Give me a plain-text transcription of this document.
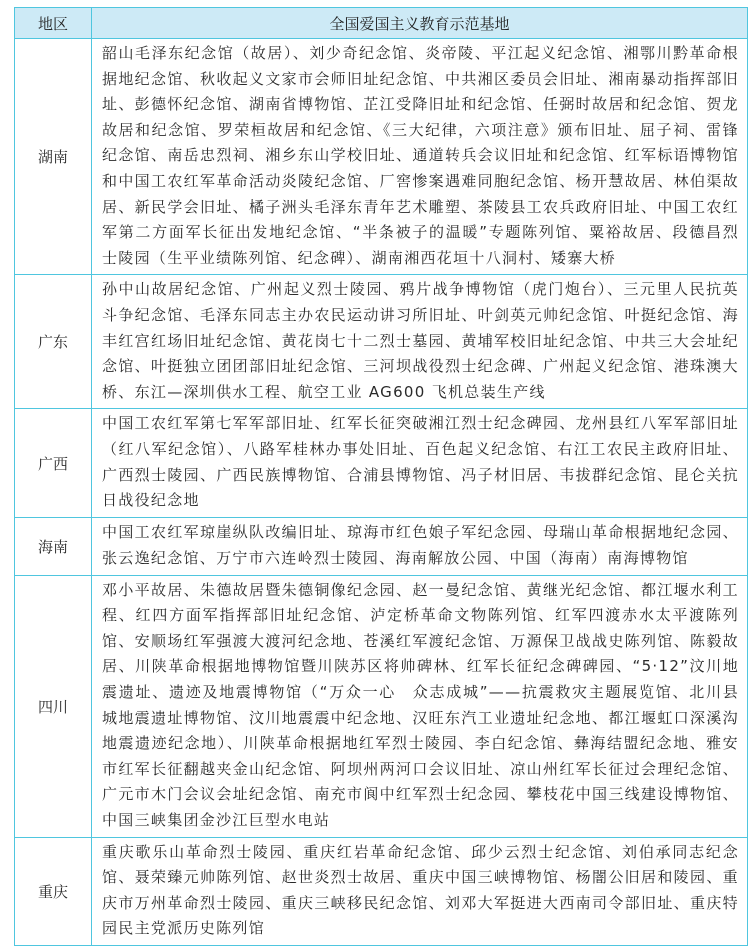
地区	全国爱国主义教育示范基地
湖南	韶山毛泽东纪念馆（故居）、刘少奇纪念馆、炎帝陵、平江起义纪念馆、湘鄂川黔革命根据地纪念馆、秋收起义文家市会师旧址纪念馆、中共湘区委员会旧址、湘南暴动指挥部旧址、彭德怀纪念馆、湖南省博物馆、芷江受降旧址和纪念馆、任弼时故居和纪念馆、贺龙故居和纪念馆、罗荣桓故居和纪念馆、《三大纪律，六项注意》颁布旧址、屈子祠、雷锋纪念馆、南岳忠烈祠、湘乡东山学校旧址、通道转兵会议旧址和纪念馆、红军标语博物馆和中国工农红军革命活动炎陵纪念馆、厂窖惨案遇难同胞纪念馆、杨开慧故居、林伯渠故居、新民学会旧址、橘子洲头毛泽东青年艺术雕塑、茶陵县工农兵政府旧址、中国工农红军第二方面军长征出发地纪念馆、“半条被子的温暖”专题陈列馆、粟裕故居、段德昌烈士陵园（生平业绩陈列馆、纪念碑）、湖南湘西花垣十八洞村、矮寨大桥
广东	孙中山故居纪念馆、广州起义烈士陵园、鸦片战争博物馆（虎门炮台）、三元里人民抗英斗争纪念馆、毛泽东同志主办农民运动讲习所旧址、叶剑英元帅纪念馆、叶挺纪念馆、海丰红宫红场旧址纪念馆、黄花岗七十二烈士墓园、黄埔军校旧址纪念馆、中共三大会址纪念馆、叶挺独立团团部旧址纪念馆、三河坝战役烈士纪念碑、广州起义纪念馆、港珠澳大桥、东江—深圳供水工程、航空工业 AG600 飞机总装生产线
广西	中国工农红军第七军军部旧址、红军长征突破湘江烈士纪念碑园、龙州县红八军军部旧址（红八军纪念馆）、八路军桂林办事处旧址、百色起义纪念馆、右江工农民主政府旧址、广西烈士陵园、广西民族博物馆、合浦县博物馆、冯子材旧居、韦拔群纪念馆、昆仑关抗日战役纪念地
海南	中国工农红军琼崖纵队改编旧址、琼海市红色娘子军纪念园、母瑞山革命根据地纪念园、张云逸纪念馆、万宁市六连岭烈士陵园、海南解放公园、中国（海南）南海博物馆
四川	邓小平故居、朱德故居暨朱德铜像纪念园、赵一曼纪念馆、黄继光纪念馆、都江堰水利工程、红四方面军指挥部旧址纪念馆、泸定桥革命文物陈列馆、红军四渡赤水太平渡陈列馆、安顺场红军强渡大渡河纪念地、苍溪红军渡纪念馆、万源保卫战战史陈列馆、陈毅故居、川陕革命根据地博物馆暨川陕苏区将帅碑林、红军长征纪念碑碑园、“5·12”汶川地震遗址、遗迹及地震博物馆（“万众一心　众志成城”——抗震救灾主题展览馆、北川县城地震遗址博物馆、汶川地震震中纪念地、汉旺东汽工业遗址纪念地、都江堰虹口深溪沟地震遗迹纪念地）、川陕革命根据地红军烈士陵园、李白纪念馆、彝海结盟纪念地、雅安市红军长征翻越夹金山纪念馆、阿坝州两河口会议旧址、凉山州红军长征过会理纪念馆、广元市木门会议会址纪念馆、南充市阆中红军烈士纪念园、攀枝花中国三线建设博物馆、中国三峡集团金沙江巨型水电站
重庆	重庆歌乐山革命烈士陵园、重庆红岩革命纪念馆、邱少云烈士纪念馆、刘伯承同志纪念馆、聂荣臻元帅陈列馆、赵世炎烈士故居、重庆中国三峡博物馆、杨闇公旧居和陵园、重庆市万州革命烈士陵园、重庆三峡移民纪念馆、刘邓大军挺进大西南司令部旧址、重庆特园民主党派历史陈列馆
